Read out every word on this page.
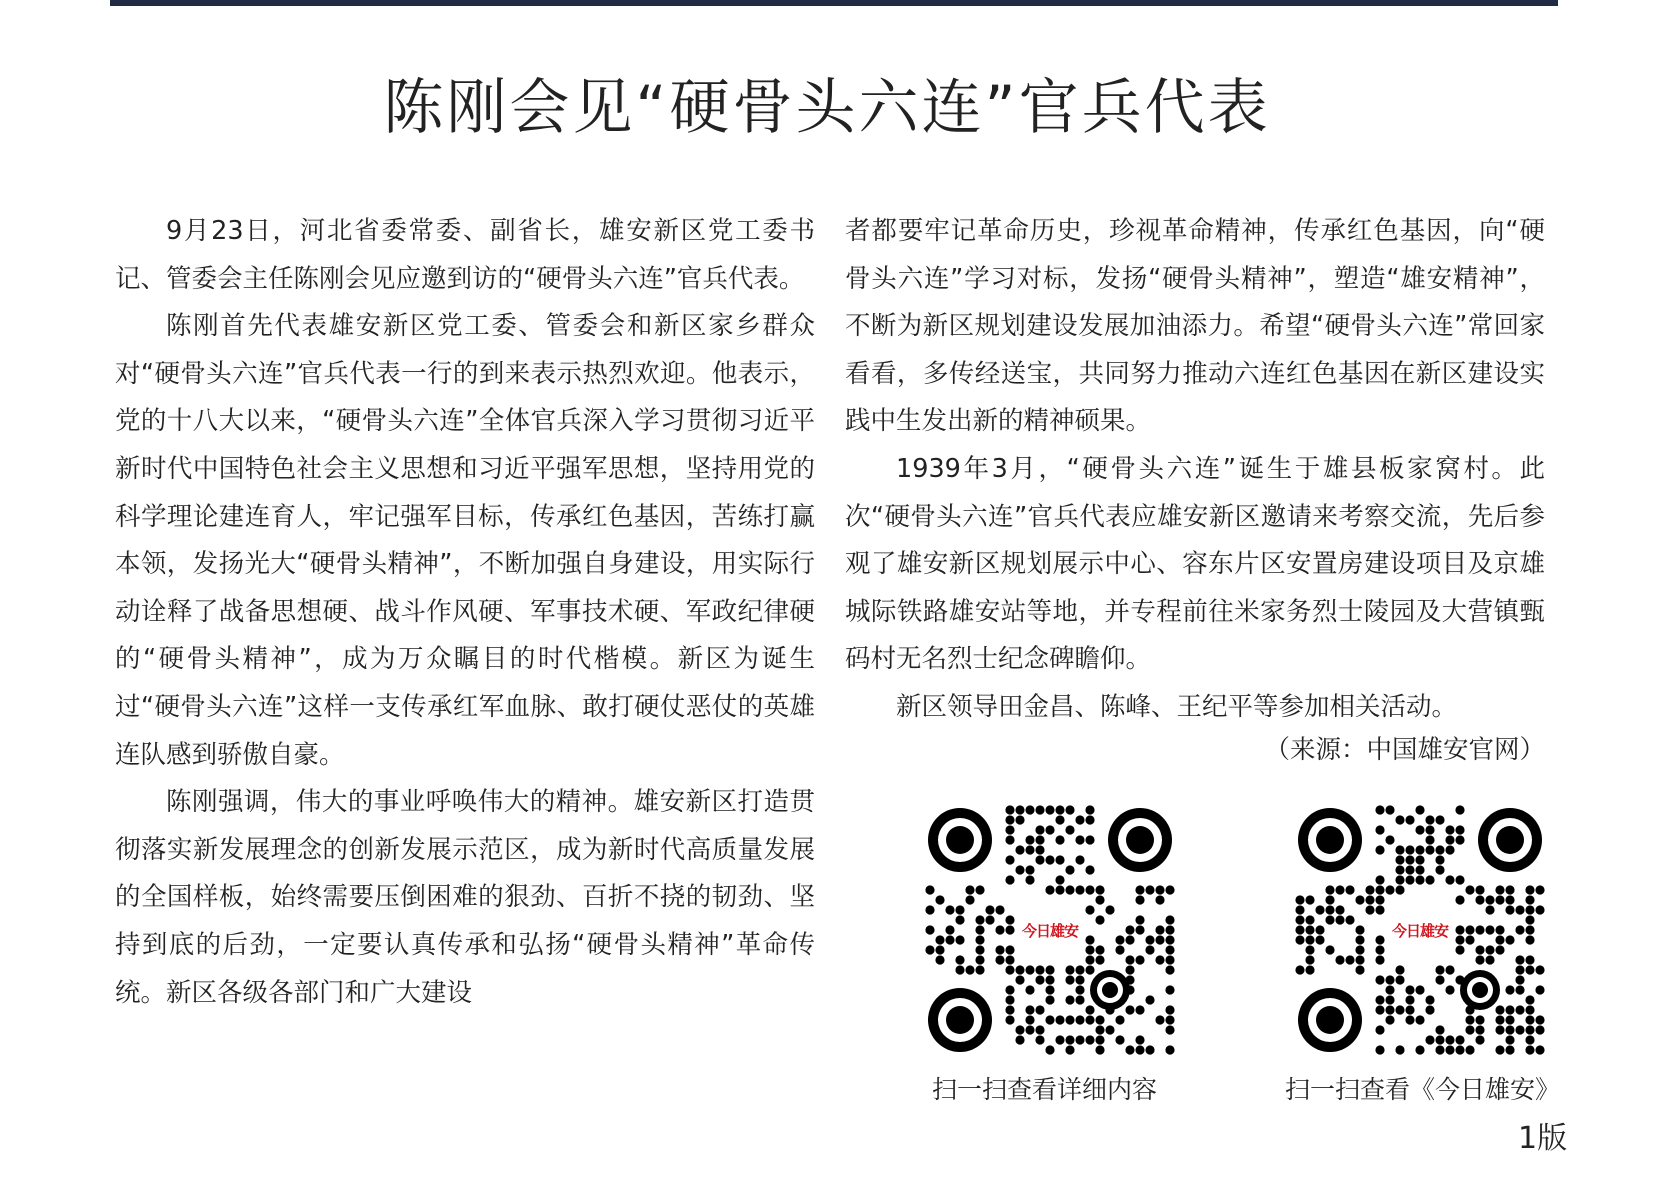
陈刚会见“硬骨头六连”官兵代表

9月23日，河北省委常委、副省长，雄安新区党工委书记、管委会主任陈刚会见应邀到访的“硬骨头六连”官兵代表。

陈刚首先代表雄安新区党工委、管委会和新区家乡群众对“硬骨头六连”官兵代表一行的到来表示热烈欢迎。他表示，党的十八大以来，“硬骨头六连”全体官兵深入学习贯彻习近平新时代中国特色社会主义思想和习近平强军思想，坚持用党的科学理论建连育人，牢记强军目标，传承红色基因，苦练打赢本领，发扬光大“硬骨头精神”，不断加强自身建设，用实际行动诠释了战备思想硬、战斗作风硬、军事技术硬、军政纪律硬的“硬骨头精神”，成为万众瞩目的时代楷模。新区为诞生过“硬骨头六连”这样一支传承红军血脉、敢打硬仗恶仗的英雄连队感到骄傲自豪。

陈刚强调，伟大的事业呼唤伟大的精神。雄安新区打造贯彻落实新发展理念的创新发展示范区，成为新时代高质量发展的全国样板，始终需要压倒困难的狠劲、百折不挠的韧劲、坚持到底的后劲，一定要认真传承和弘扬“硬骨头精神”革命传统。新区各级各部门和广大建设

者都要牢记革命历史，珍视革命精神，传承红色基因，向“硬骨头六连”学习对标，发扬“硬骨头精神”，塑造“雄安精神”，不断为新区规划建设发展加油添力。希望“硬骨头六连”常回家看看，多传经送宝，共同努力推动六连红色基因在新区建设实践中生发出新的精神硕果。

1939年3月，“硬骨头六连”诞生于雄县板家窝村。此次“硬骨头六连”官兵代表应雄安新区邀请来考察交流，先后参观了雄安新区规划展示中心、容东片区安置房建设项目及京雄城际铁路雄安站等地，并专程前往米家务烈士陵园及大营镇甄码村无名烈士纪念碑瞻仰。

新区领导田金昌、陈峰、王纪平等参加相关活动。

（来源：中国雄安官网）
今日雄安
扫一扫查看详细内容
今日雄安
扫一扫查看《今日雄安》
1版
